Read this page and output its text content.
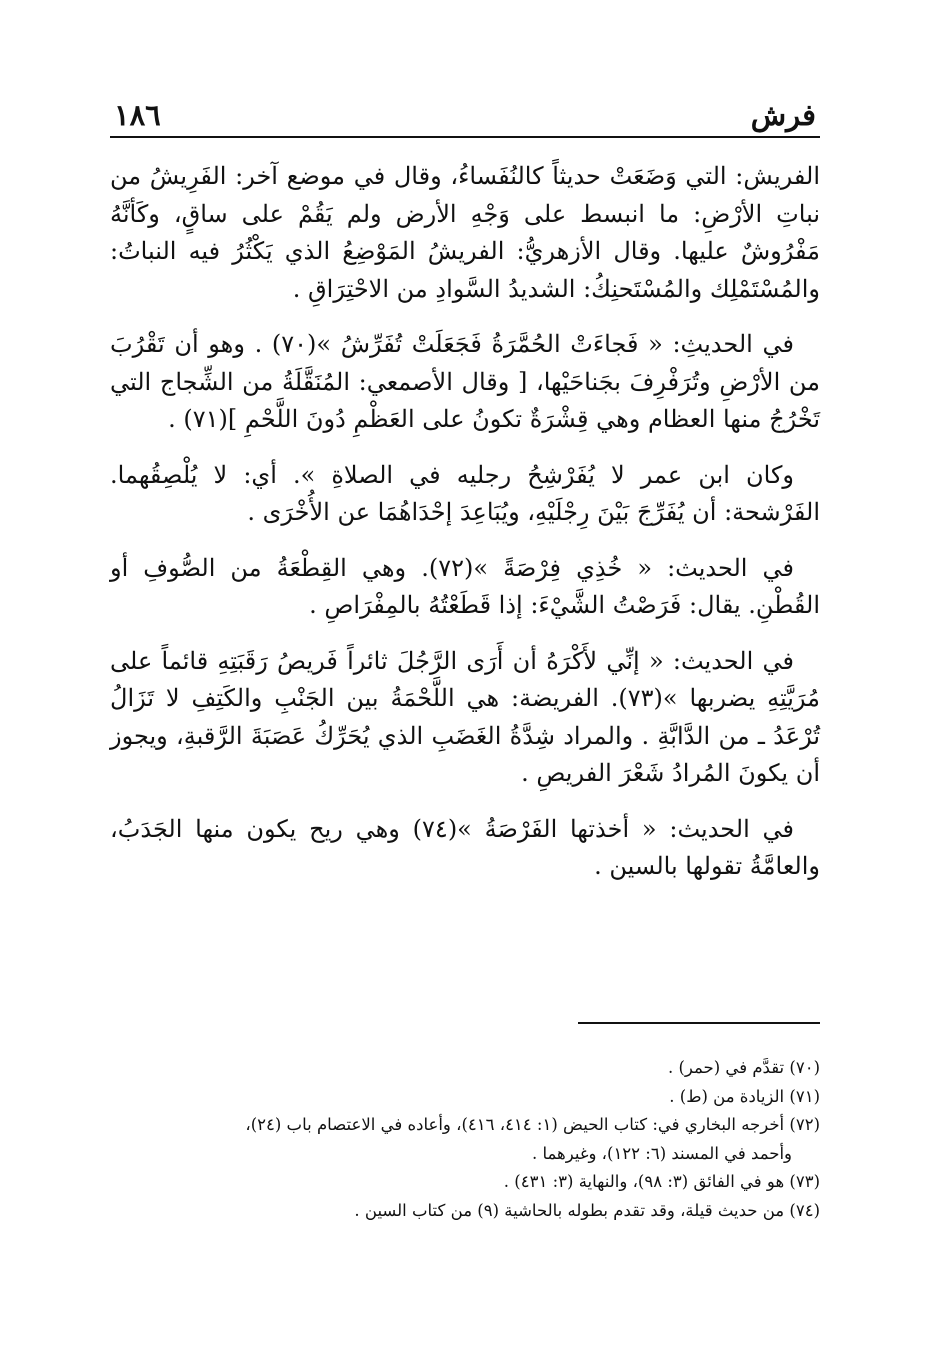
فرش
١٨٦

الفريش: التي وَضَعَتْ حديثاً كالنُفَساءُ، وقال في موضع آخر: الفَرِيشُ من نباتِ الأرْضِ: ما انبسط على وَجْهِ الأرض ولم يَقُمْ على ساقٍ، وكَأنَّهُ مَفْرُوشٌ عليها. وقال الأزهريُّ: الفريشُ المَوْضِعُ الذي يَكْثُرُ فيه النباتُ: والمُسْتَمْلِك والمُسْتَحنِكُ: الشديدُ السَّوادِ من الاحْتِرَاقِ .

في الحديثِ: « فَجاءَتْ الحُمَّرَةُ فَجَعَلَتْ تُفَرِّشُ »(٧٠) . وهو أن تَقْرُبَ من الأرْضِ وتُرَفْرِفَ بجَناحَيْها، [ وقال الأصمعي: المُنَقَّلَةُ من الشِّجاج التي تَخْرُجُ منها العظام وهي قِشْرَةٌ تكونُ على العَظْمِ دُونَ اللَّحْمِ ](٧١) .

وكان ابن عمر لا يُفَرْشِحُ رجليه في الصلاةِ ». أي: لا يُلْصِقُهما. الفَرْشحة: أن يُفَرِّجَ بَيْنَ رِجْلَيْهِ، ويُبَاعِدَ إحْدَاهُمَا عن الأُخْرَى .

في الحديث: « خُذِي فِرْصَةً »(٧٢). وهي القِطْعَةُ من الصُّوفِ أو القُطْنِ. يقال: فَرَصْتُ الشَّيْءَ: إذا قَطَعْتُهُ بالمِفْرَاصِ .

في الحديث: « إنِّي لأَكْرَهُ أن أَرَى الرَّجُلَ ثائراً فَريصُ رَقَبَتِهِ قائماً على مُرَيَّتِهِ يضربها »(٧٣). الفريضة: هي اللَّحْمَةُ بين الجَنْبِ والكَتِفِ لا تَزَالُ تُرْعَدُ ـ من الدَّابَّةِ . والمراد شِدَّةُ الغَضَبِ الذي يُحَرِّكُ عَصَبَةَ الرَّقبةِ، ويجوز أن يكونَ المُرادُ شَعْرَ الفريصِ .

في الحديث: « أخذتها الفَرْصَةُ »(٧٤) وهي ريح يكون منها الجَدَبُ، والعامَّةُ تقولها بالسين .

(٧٠) تقدَّم في (حمر) .

(٧١) الزيادة من (ط) .

(٧٢) أخرجه البخاري في: كتاب الحيض (١: ٤١٤، ٤١٦)، وأعاده في الاعتصام باب (٢٤)،

وأحمد في المسند (٦: ١٢٢)، وغيرهما .

(٧٣) هو في الفائق (٣: ٩٨)، والنهاية (٣: ٤٣١) .

(٧٤) من حديث قيلة، وقد تقدم بطوله بالحاشية (٩) من كتاب السين .
